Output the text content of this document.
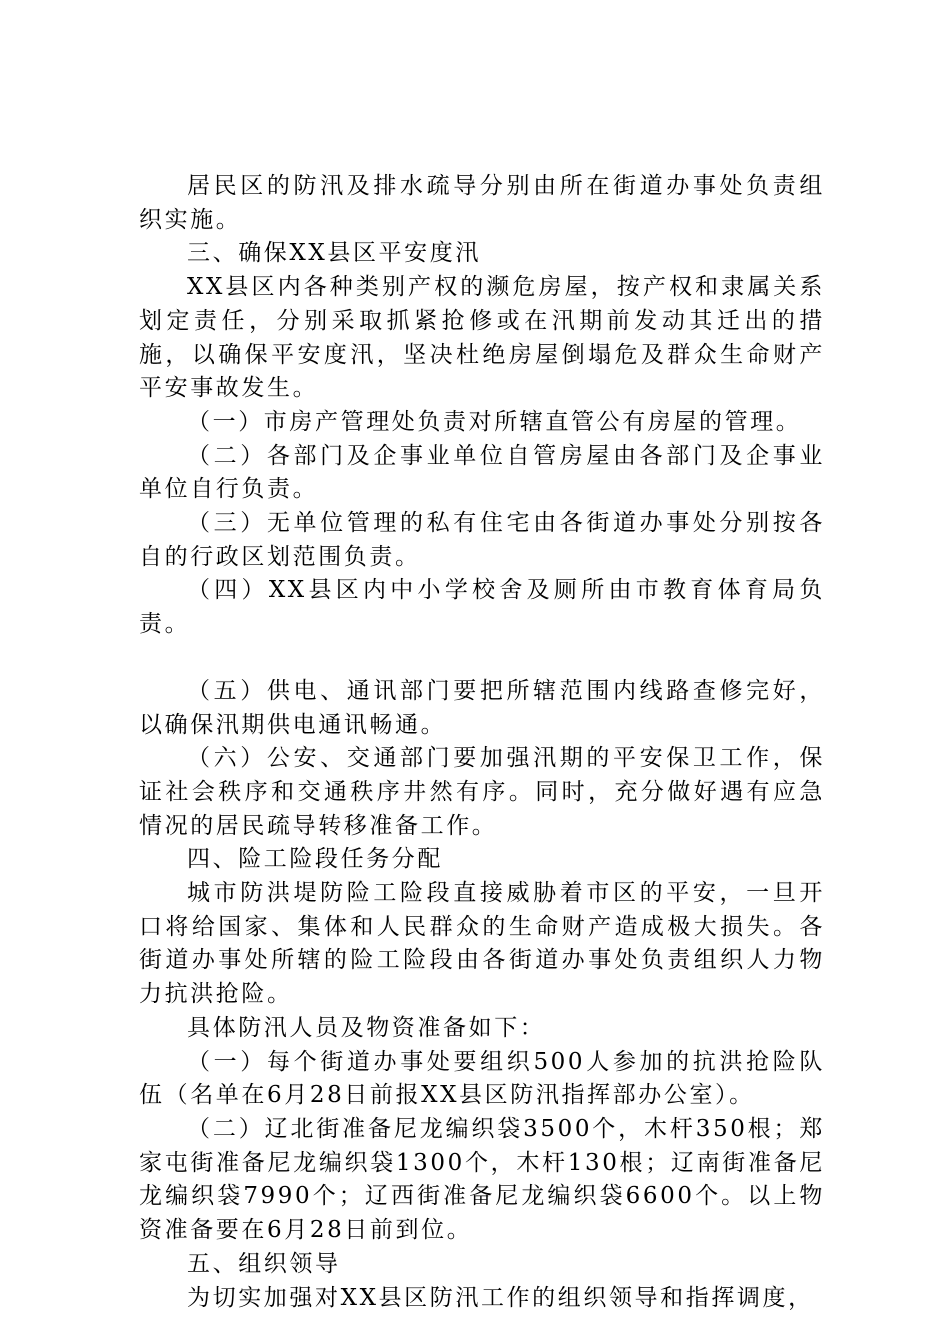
居民区的防汛及排水疏导分别由所在街道办事处负责组织实施。

三、确保XX县区平安度汛

XX县区内各种类别产权的濒危房屋，按产权和隶属关系划定责任，分别采取抓紧抢修或在汛期前发动其迁出的措施，以确保平安度汛，坚决杜绝房屋倒塌危及群众生命财产平安事故发生。

（一）市房产管理处负责对所辖直管公有房屋的管理。

（二）各部门及企事业单位自管房屋由各部门及企事业单位自行负责。

（三）无单位管理的私有住宅由各街道办事处分别按各自的行政区划范围负责。

（四）XX县区内中小学校舍及厕所由市教育体育局负责。

（五）供电、通讯部门要把所辖范围内线路查修完好，以确保汛期供电通讯畅通。

（六）公安、交通部门要加强汛期的平安保卫工作，保证社会秩序和交通秩序井然有序。同时，充分做好遇有应急情况的居民疏导转移准备工作。

四、险工险段任务分配

城市防洪堤防险工险段直接威胁着市区的平安，一旦开口将给国家、集体和人民群众的生命财产造成极大损失。各街道办事处所辖的险工险段由各街道办事处负责组织人力物力抗洪抢险。

具体防汛人员及物资准备如下：

（一）每个街道办事处要组织500人参加的抗洪抢险队伍（名单在6月28日前报XX县区防汛指挥部办公室）。

（二）辽北街准备尼龙编织袋3500个，木杆350根；郑家屯街准备尼龙编织袋1300个，木杆130根；辽南街准备尼龙编织袋7990个；辽西街准备尼龙编织袋6600个。以上物资准备要在6月28日前到位。

五、组织领导

为切实加强对XX县区防汛工作的组织领导和指挥调度，
